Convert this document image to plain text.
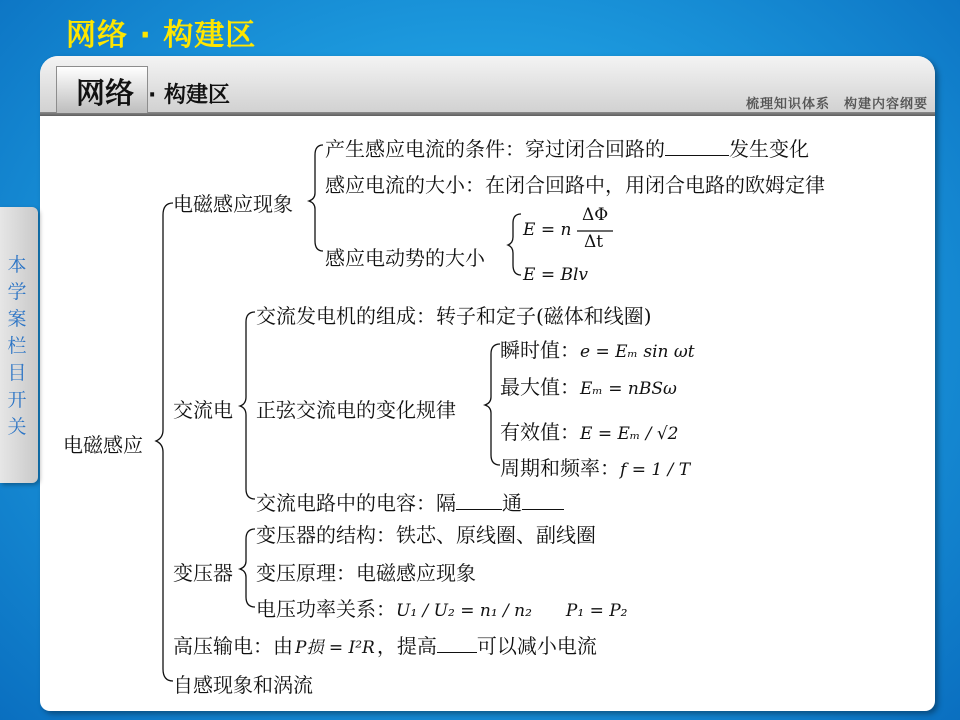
网络 · 构建区
网络 · 构建区	梳理知识体系　构建内容纲要
本学案栏目开关
电磁感应
电磁感应现象
产生感应电流的条件：穿过闭合回路的	发生变化
感应电流的大小：在闭合回路中，用闭合电路的欧姆定律
感应电动势的大小
E = n
ΔΦ
Δt
E = Blv
交流电
交流发电机的组成：转子和定子(磁体和线圈)
正弦交流电的变化规律
瞬时值：e = Eₘ sin ωt
最大值：Eₘ = nBSω
有效值：E = Eₘ / √2
周期和频率：f = 1 / T
交流电路中的电容：隔 通
变压器
变压器的结构：铁芯、原线圈、副线圈
变压原理：电磁感应现象
电压功率关系：U₁ / U₂ = n₁ / n₂　　P₁ = P₂
高压输电：由 P损 = I²R ，提高 可以减小电流
自感现象和涡流
